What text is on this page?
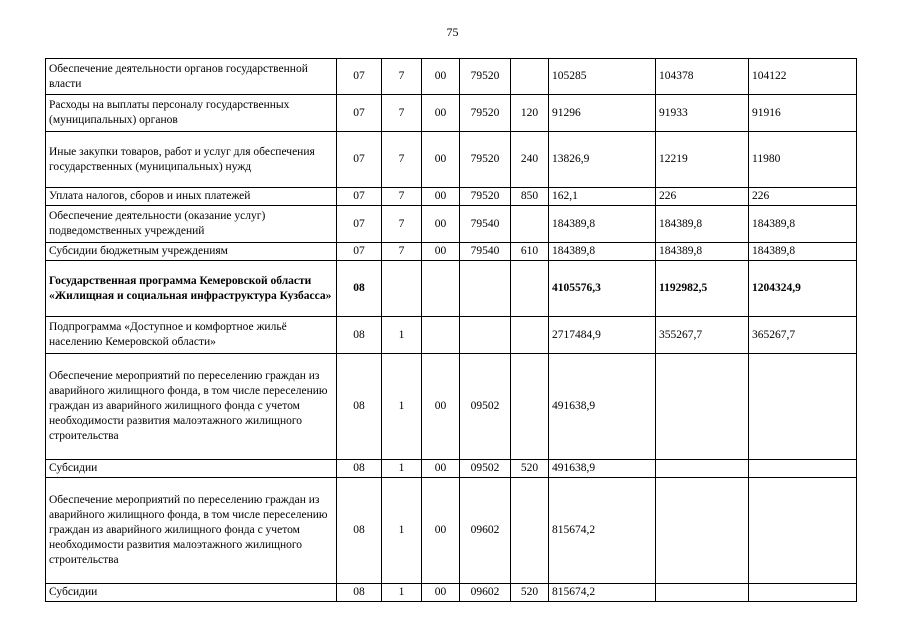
75
Обеспечение деятельности органов государственной власти	07	7	00	79520		105285	104378	104122
Расходы на выплаты персоналу государственных (муниципальных) органов	07	7	00	79520	120	91296	91933	91916
Иные закупки товаров, работ и услуг для обеспечения государственных (муниципальных) нужд	07	7	00	79520	240	13826,9	12219	11980
Уплата налогов, сборов и иных платежей	07	7	00	79520	850	162,1	226	226
Обеспечение деятельности (оказание услуг) подведомственных учреждений	07	7	00	79540		184389,8	184389,8	184389,8
Субсидии бюджетным учреждениям	07	7	00	79540	610	184389,8	184389,8	184389,8
Государственная программа Кемеровской области «Жилищная и социальная инфраструктура Кузбасса»	08					4105576,3	1192982,5	1204324,9
Подпрограмма «Доступное и комфортное жильё населению Кемеровской области»	08	1				2717484,9	355267,7	365267,7
Обеспечение мероприятий по переселению граждан из аварийного жилищного фонда, в том числе переселению граждан из аварийного жилищного фонда с учетом необходимости развития малоэтажного жилищного строительства	08	1	00	09502		491638,9		
Субсидии	08	1	00	09502	520	491638,9		
Обеспечение мероприятий по переселению граждан из аварийного жилищного фонда, в том числе переселению граждан из аварийного жилищного фонда с учетом необходимости развития малоэтажного жилищного строительства	08	1	00	09602		815674,2		
Субсидии	08	1	00	09602	520	815674,2		
